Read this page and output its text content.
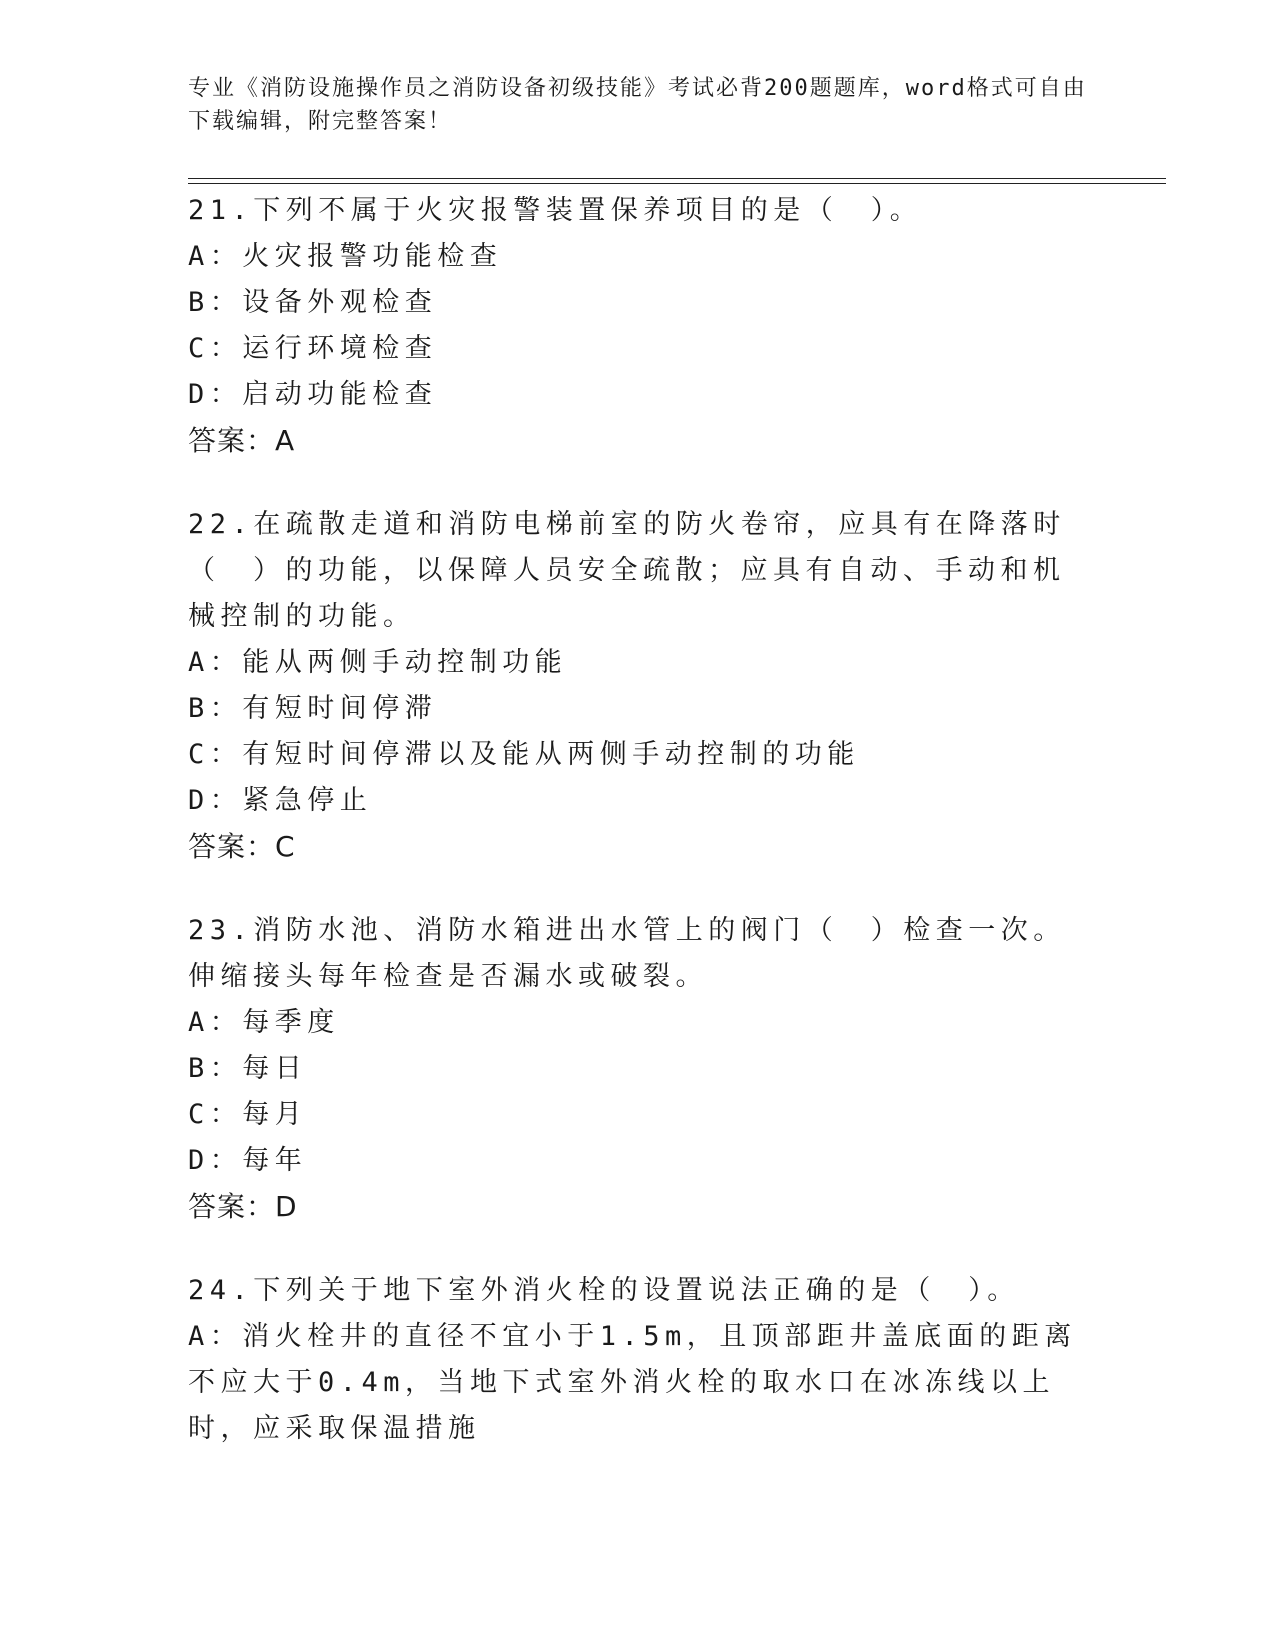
专业《消防设施操作员之消防设备初级技能》考试必背200题题库，word格式可自由下载编辑，附完整答案！

21.下列不属于火灾报警装置保养项目的是（　）。

A：火灾报警功能检查

B：设备外观检查

C：运行环境检查

D：启动功能检查

答案：A

22.在疏散走道和消防电梯前室的防火卷帘，应具有在降落时（　）的功能，以保障人员安全疏散；应具有自动、手动和机械控制的功能。

A：能从两侧手动控制功能

B：有短时间停滞

C：有短时间停滞以及能从两侧手动控制的功能

D：紧急停止

答案：C

23.消防水池、消防水箱进出水管上的阀门（　）检查一次。伸缩接头每年检查是否漏水或破裂。

A：每季度

B：每日

C：每月

D：每年

答案：D

24.下列关于地下室外消火栓的设置说法正确的是（　）。

A：消火栓井的直径不宜小于1.5m，且顶部距井盖底面的距离不应大于0.4m，当地下式室外消火栓的取水口在冰冻线以上时，应采取保温措施
